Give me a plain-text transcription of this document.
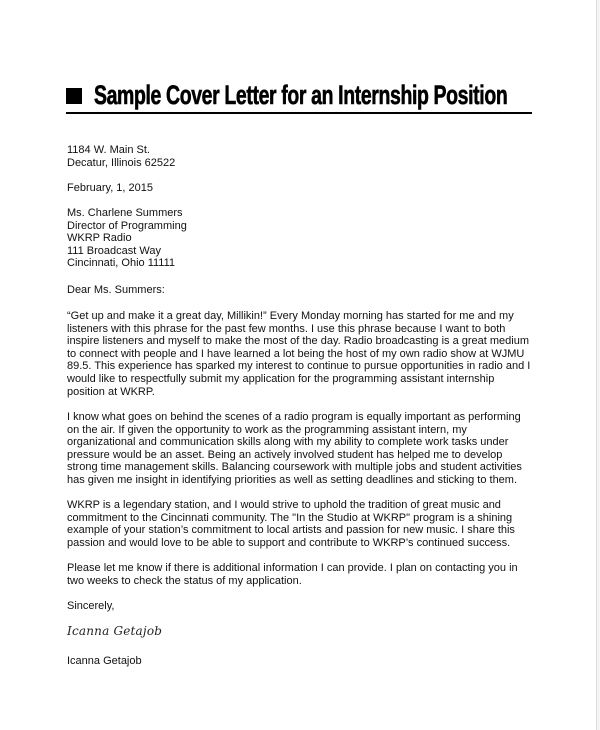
Sample Cover Letter for an Internship Position
1184 W. Main St.
Decatur, Illinois 62522
February, 1, 2015
Ms. Charlene Summers
Director of Programming
WKRP Radio
111 Broadcast Way
Cincinnati, Ohio 11111
Dear Ms. Summers:
“Get up and make it a great day, Millikin!” Every Monday morning has started for me and my
listeners with this phrase for the past few months. I use this phrase because I want to both
inspire listeners and myself to make the most of the day. Radio broadcasting is a great medium
to connect with people and I have learned a lot being the host of my own radio show at WJMU
89.5. This experience has sparked my interest to continue to pursue opportunities in radio and I
would like to respectfully submit my application for the programming assistant internship
position at WKRP.
I know what goes on behind the scenes of a radio program is equally important as performing
on the air. If given the opportunity to work as the programming assistant intern, my
organizational and communication skills along with my ability to complete work tasks under
pressure would be an asset. Being an actively involved student has helped me to develop
strong time management skills. Balancing coursework with multiple jobs and student activities
has given me insight in identifying priorities as well as setting deadlines and sticking to them.
WKRP is a legendary station, and I would strive to uphold the tradition of great music and
commitment to the Cincinnati community. The "In the Studio at WKRP" program is a shining
example of your station’s commitment to local artists and passion for new music. I share this
passion and would love to be able to support and contribute to WKRP’s continued success.
Please let me know if there is additional information I can provide. I plan on contacting you in
two weeks to check the status of my application.
Sincerely,
Icanna Getajob
Icanna Getajob
